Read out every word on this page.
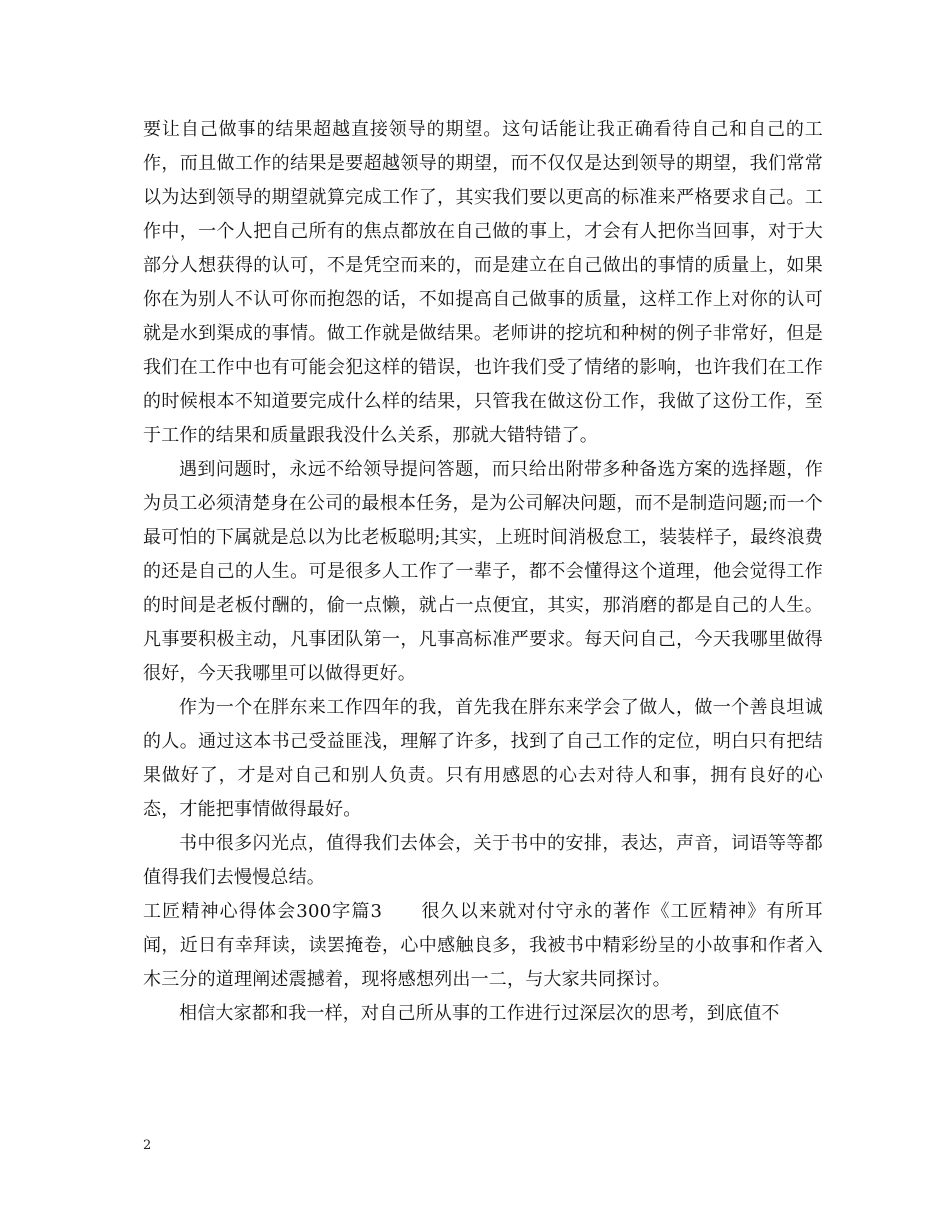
要让自己做事的结果超越直接领导的期望。这句话能让我正确看待自己和自己的工作，而且做工作的结果是要超越领导的期望，而不仅仅是达到领导的期望，我们常常以为达到领导的期望就算完成工作了，其实我们要以更高的标准来严格要求自己。工作中，一个人把自己所有的焦点都放在自己做的事上，才会有人把你当回事，对于大部分人想获得的认可，不是凭空而来的，而是建立在自己做出的事情的质量上，如果你在为别人不认可你而抱怨的话，不如提高自己做事的质量，这样工作上对你的认可就是水到渠成的事情。做工作就是做结果。老师讲的挖坑和种树的例子非常好，但是我们在工作中也有可能会犯这样的错误，也许我们受了情绪的影响，也许我们在工作的时候根本不知道要完成什么样的结果，只管我在做这份工作，我做了这份工作，至于工作的结果和质量跟我没什么关系，那就大错特错了。

遇到问题时，永远不给领导提问答题，而只给出附带多种备选方案的选择题，作为员工必须清楚身在公司的最根本任务，是为公司解决问题，而不是制造问题;而一个最可怕的下属就是总以为比老板聪明;其实，上班时间消极怠工，装装样子，最终浪费的还是自己的人生。可是很多人工作了一辈子，都不会懂得这个道理，他会觉得工作的时间是老板付酬的，偷一点懒，就占一点便宜，其实，那消磨的都是自己的人生。凡事要积极主动，凡事团队第一，凡事高标准严要求。每天问自己，今天我哪里做得很好，今天我哪里可以做得更好。

作为一个在胖东来工作四年的我，首先我在胖东来学会了做人，做一个善良坦诚的人。通过这本书己受益匪浅，理解了许多，找到了自己工作的定位，明白只有把结果做好了，才是对自己和别人负责。只有用感恩的心去对待人和事，拥有良好的心态，才能把事情做得最好。

书中很多闪光点，值得我们去体会，关于书中的安排，表达，声音，词语等等都值得我们去慢慢总结。

工匠精神心得体会300字篇3　　很久以来就对付守永的著作《工匠精神》有所耳闻，近日有幸拜读，读罢掩卷，心中感触良多，我被书中精彩纷呈的小故事和作者入木三分的道理阐述震撼着，现将感想列出一二，与大家共同探讨。

相信大家都和我一样，对自己所从事的工作进行过深层次的思考，到底值不

2
